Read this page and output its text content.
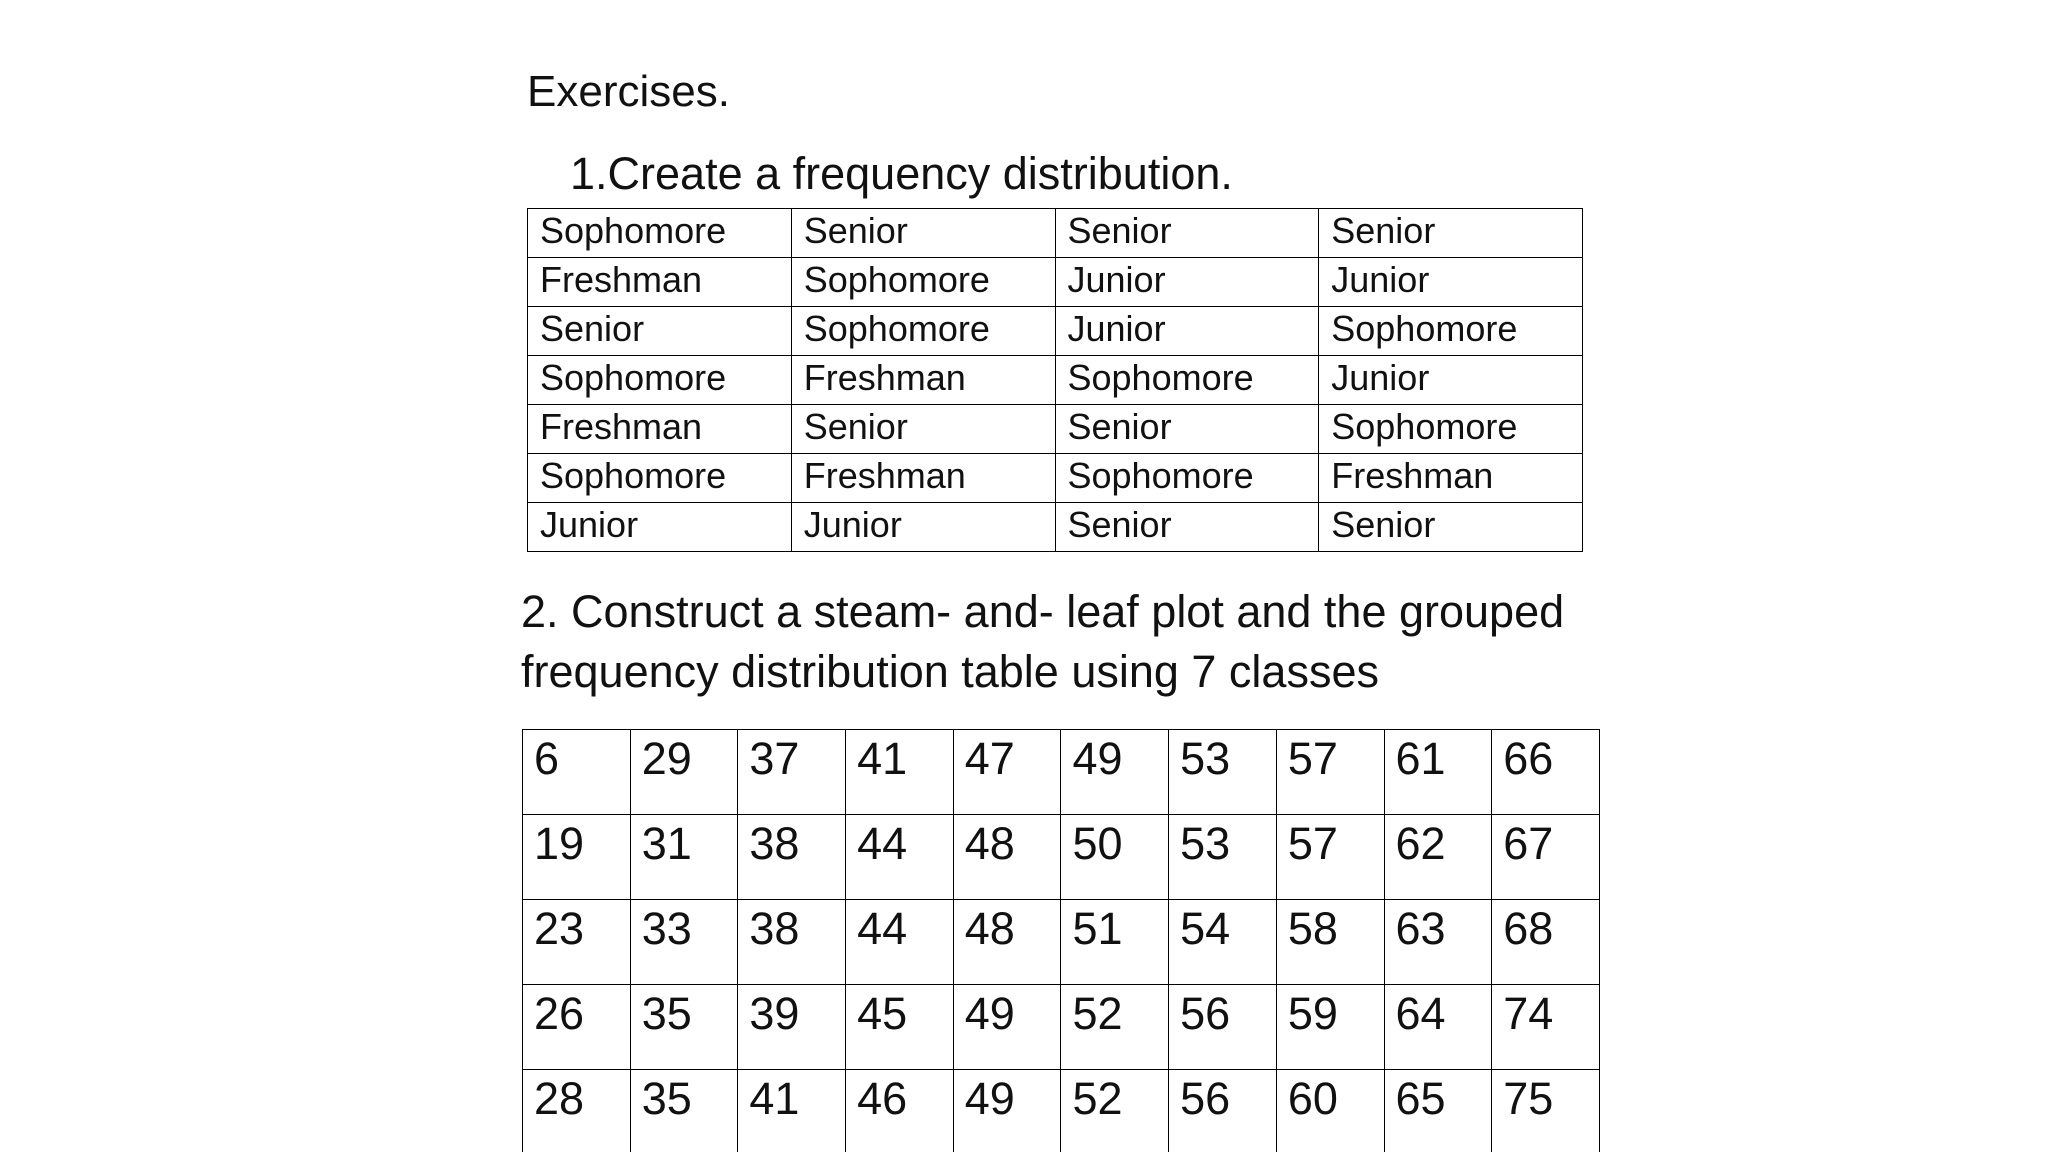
Exercises.
1.Create a frequency distribution.
Sophomore	Senior	Senior	Senior
Freshman	Sophomore	Junior	Junior
Senior	Sophomore	Junior	Sophomore
Sophomore	Freshman	Sophomore	Junior
Freshman	Senior	Senior	Sophomore
Sophomore	Freshman	Sophomore	Freshman
Junior	Junior	Senior	Senior
2. Construct a steam- and- leaf plot and the grouped
frequency distribution table using 7 classes
6	29	37	41	47	49	53	57	61	66
19	31	38	44	48	50	53	57	62	67
23	33	38	44	48	51	54	58	63	68
26	35	39	45	49	52	56	59	64	74
28	35	41	46	49	52	56	60	65	75
